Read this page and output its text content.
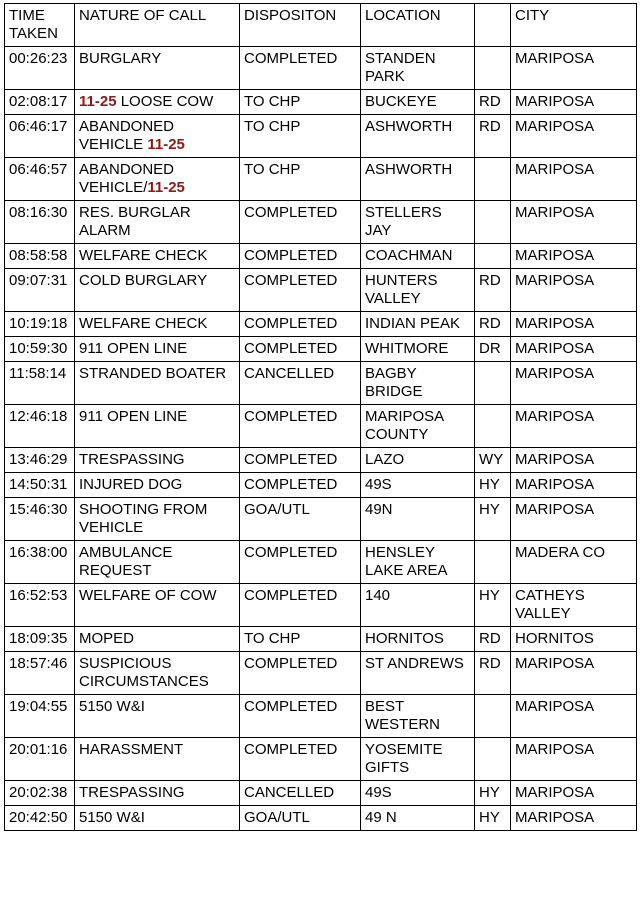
TIME TAKEN	NATURE OF CALL	DISPOSITON	LOCATION		CITY
00:26:23	BURGLARY	COMPLETED	STANDEN PARK		MARIPOSA
02:08:17	11-25 LOOSE COW	TO CHP	BUCKEYE	RD	MARIPOSA
06:46:17	ABANDONED VEHICLE 11-25	TO CHP	ASHWORTH	RD	MARIPOSA
06:46:57	ABANDONED VEHICLE/11-25	TO CHP	ASHWORTH		MARIPOSA
08:16:30	RES. BURGLAR ALARM	COMPLETED	STELLERS JAY		MARIPOSA
08:58:58	WELFARE CHECK	COMPLETED	COACHMAN		MARIPOSA
09:07:31	COLD BURGLARY	COMPLETED	HUNTERS VALLEY	RD	MARIPOSA
10:19:18	WELFARE CHECK	COMPLETED	INDIAN PEAK	RD	MARIPOSA
10:59:30	911 OPEN LINE	COMPLETED	WHITMORE	DR	MARIPOSA
11:58:14	STRANDED BOATER	CANCELLED	BAGBY BRIDGE		MARIPOSA
12:46:18	911 OPEN LINE	COMPLETED	MARIPOSA COUNTY		MARIPOSA
13:46:29	TRESPASSING	COMPLETED	LAZO	WY	MARIPOSA
14:50:31	INJURED DOG	COMPLETED	49S	HY	MARIPOSA
15:46:30	SHOOTING FROM VEHICLE	GOA/UTL	49N	HY	MARIPOSA
16:38:00	AMBULANCE REQUEST	COMPLETED	HENSLEY LAKE AREA		MADERA CO
16:52:53	WELFARE OF COW	COMPLETED	140	HY	CATHEYS VALLEY
18:09:35	MOPED	TO CHP	HORNITOS	RD	HORNITOS
18:57:46	SUSPICIOUS CIRCUMSTANCES	COMPLETED	ST ANDREWS	RD	MARIPOSA
19:04:55	5150 W&I	COMPLETED	BEST WESTERN		MARIPOSA
20:01:16	HARASSMENT	COMPLETED	YOSEMITE GIFTS		MARIPOSA
20:02:38	TRESPASSING	CANCELLED	49S	HY	MARIPOSA
20:42:50	5150 W&I	GOA/UTL	49 N	HY	MARIPOSA
